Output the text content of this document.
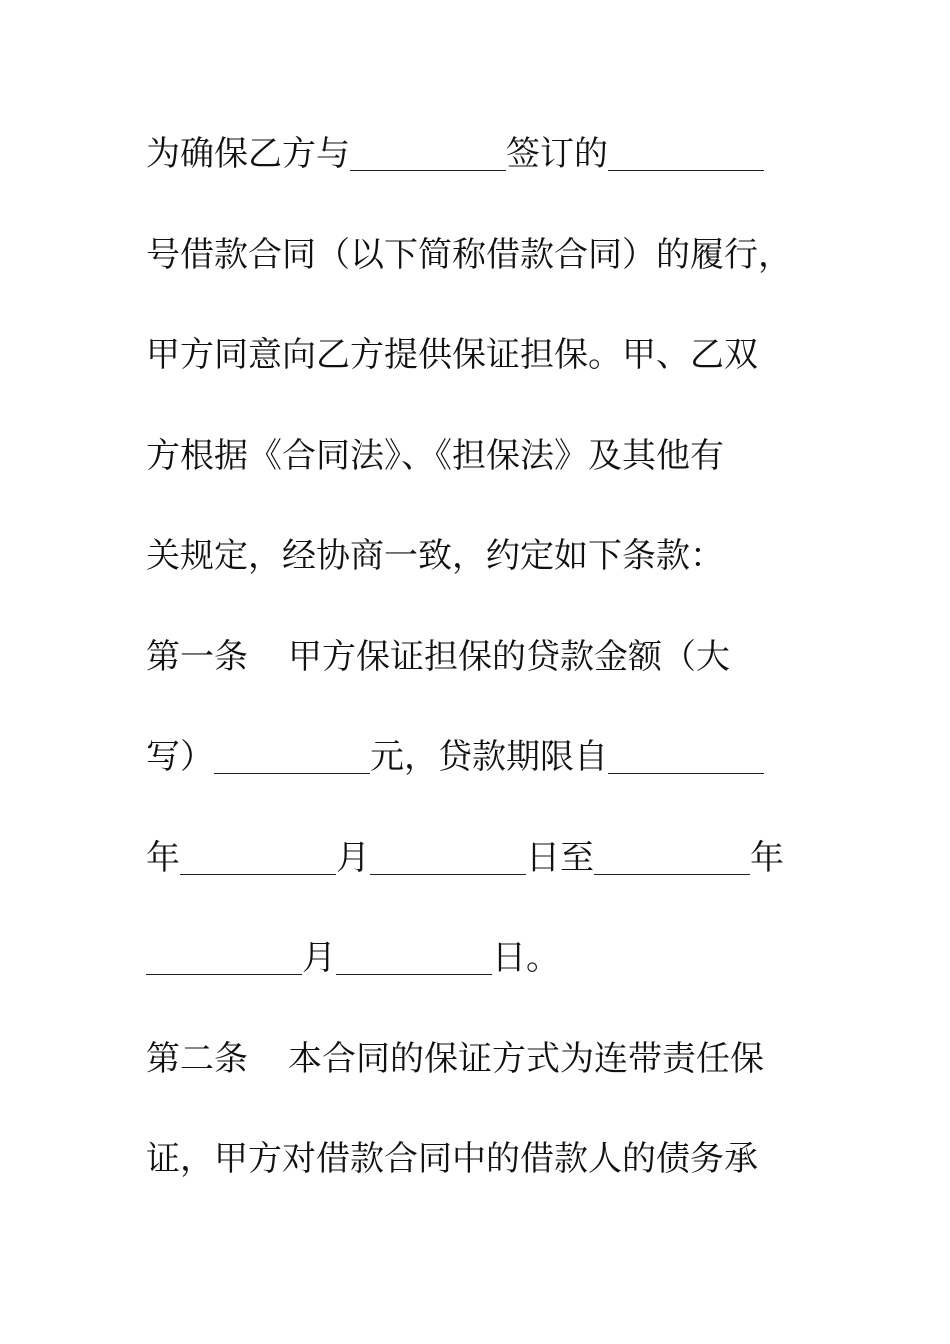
为确保乙方与	签订的
号借款合同（以下简称借款合同）的履行，
甲方同意向乙方提供保证担保。甲、乙双
方根据《合同法》、《担保法》及其他有
关规定，经协商一致，约定如下条款：
第一条 甲方保证担保的贷款金额（大
写）	元，贷款期限自
年	月	日至	年
月	日。
第二条 本合同的保证方式为连带责任保
证，甲方对借款合同中的借款人的债务承
